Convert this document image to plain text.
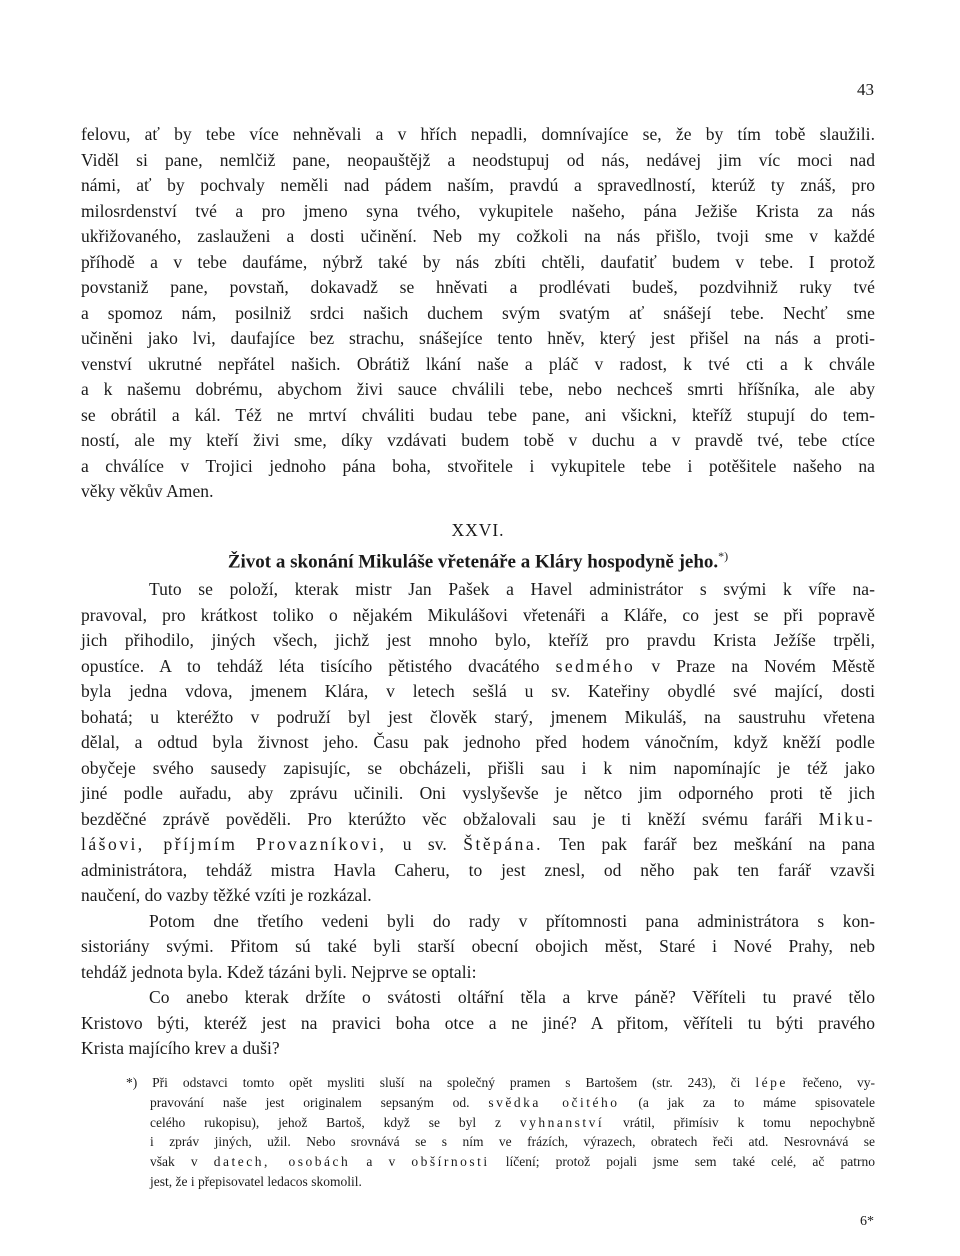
43
felovu, ať by tebe více nehněvali a v hřích nepadli, domnívajíce se, že by tím tobě slaužili.
Viděl si pane, nemlčiž pane, neopauštějž a neodstupuj od nás, nedávej jim víc moci nad
námi, ať by pochvaly neměli nad pádem naším, pravdú a spravedlností, kterúž ty znáš, pro
milosrdenství tvé a pro jmeno syna tvého, vykupitele našeho, pána Ježiše Krista za nás
ukřižovaného, zaslauženi a dosti učinění. Neb my cožkoli na nás přišlo, tvoji sme v každé
příhodě a v tebe daufáme, nýbrž také by nás zbíti chtěli, daufatiť budem v tebe. I protož
povstaniž pane, povstaň, dokavadž se hněvati a prodlévati budeš, pozdvihniž ruky tvé
a spomoz nám, posilniž srdci našich duchem svým svatým ať snášejí tebe. Nechť sme
učiněni jako lvi, daufajíce bez strachu, snášejíce tento hněv, který jest přišel na nás a proti-
venství ukrutné nepřátel našich. Obrátiž lkání naše a pláč v radost, k tvé cti a k chvále
a k našemu dobrému, abychom živi sauce chválili tebe, nebo nechceš smrti hříšníka, ale aby
se obrátil a kál. Též ne mrtví chváliti budau tebe pane, ani všickni, kteříž stupují do tem-
ností, ale my kteří živi sme, díky vzdávati budem tobě v duchu a v pravdě tvé, tebe ctíce
a chválíce v Trojici jednoho pána boha, stvořitele i vykupitele tebe i potěšitele našeho na
věky věkův Amen.
XXVI.
Život a skonání Mikuláše vřetenáře a Kláry hospodyně jeho.*)
Tuto se položí, kterak mistr Jan Pašek a Havel administrátor s svými k víře na-
pravoval, pro krátkost toliko o nějakém Mikulášovi vřetenáři a Kláře, co jest se při popravě
jich přihodilo, jiných všech, jichž jest mnoho bylo, kteříž pro pravdu Krista Ježíše trpěli,
opustíce. A to tehdáž léta tisícího pětistého dvacátého sedmého v Praze na Novém Městě
byla jedna vdova, jmenem Klára, v letech sešlá u sv. Kateřiny obydlé své mající, dosti
bohatá; u kteréžto v podruží byl jest člověk starý, jmenem Mikuláš, na saustruhu vřetena
dělal, a odtud byla živnost jeho. Času pak jednoho před hodem vánočním, když kněží podle
obyčeje svého sausedy zapisujíc, se obcházeli, přišli sau i k nim napomínajíc je též jako
jiné podle auřadu, aby zprávu učinili. Oni vyslyševše je nětco jim odporného proti tě jich
bezděčné zprávě pověděli. Pro kterúžto věc obžalovali sau je ti kněží svému faráři Miku-
lášovi, příjmím Provazníkovi, u sv. Štěpána. Ten pak farář bez meškání na pana
administrátora, tehdáž mistra Havla Caheru, to jest znesl, od něho pak ten farář vzavši
naučení, do vazby těžké vzíti je rozkázal.
Potom dne třetího vedeni byli do rady v přítomnosti pana administrátora s kon-
sistoriány svými. Přitom sú také byli starší obecní obojich měst, Staré i Nové Prahy, neb
tehdáž jednota byla. Kdež tázáni byli. Nejprve se optali:
Co anebo kterak držíte o svátosti oltářní těla a krve páně? Věříteli tu pravé tělo
Kristovo býti, kteréž jest na pravici boha otce a ne jiné? A přitom, věříteli tu býti pravého
Krista majícího krev a duši?
*) Při odstavci tomto opět mysliti sluší na společný pramen s Bartošem (str. 243), či lépe řečeno, vy-
pravování naše jest originalem sepsaným od. svědka očitého (a jak za to máme spisovatele
celého rukopisu), jehož Bartoš, když se byl z vyhnanství vrátil, přimísiv k tomu nepochybně
i zpráv jiných, užil. Nebo srovnává se s ním ve frázích, výrazech, obratech řeči atd. Nesrovnává se
však v datech, osobách a v obšírnosti líčení; protož pojali jsme sem také celé, ač patrno
jest, že i přepisovatel ledacos skomolil.
6*
